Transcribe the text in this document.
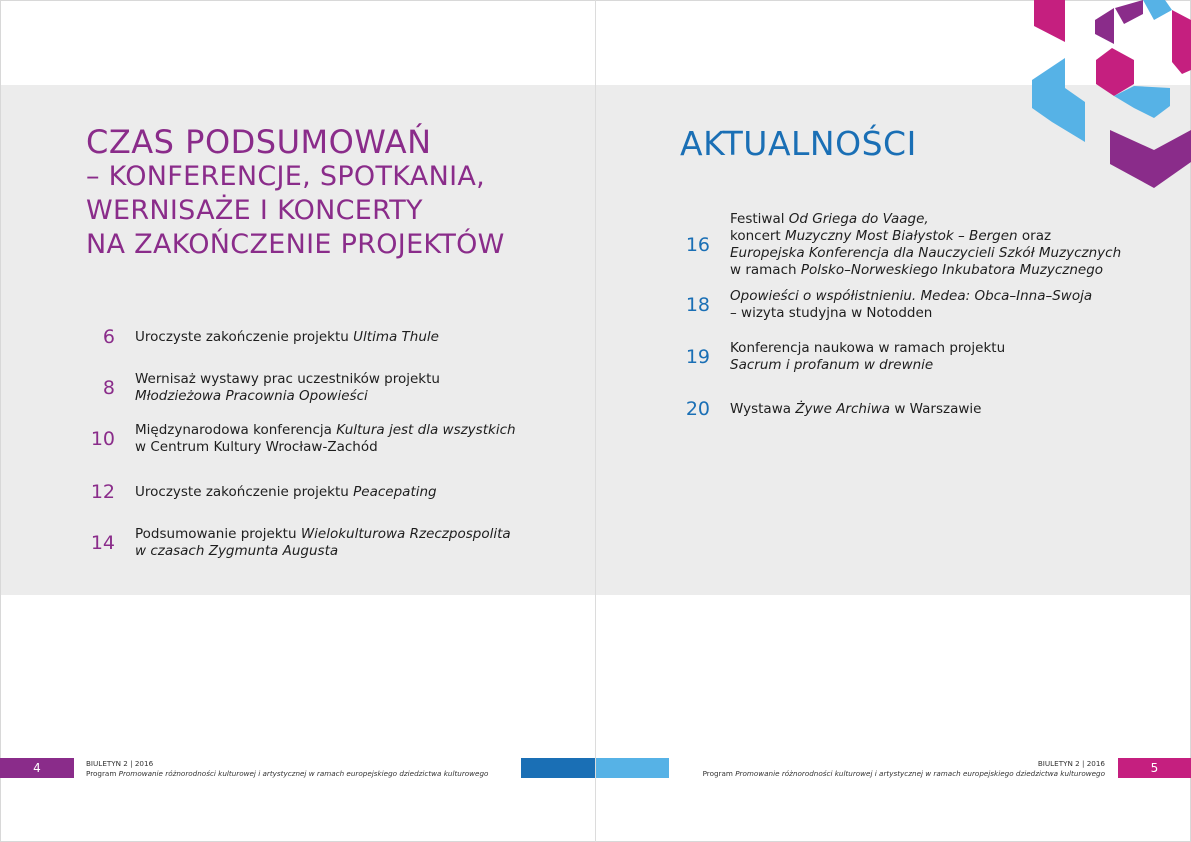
CZAS PODSUMOWAŃ
– KONFERENCJE, SPOTKANIA,
WERNISAŻE I KONCERTY
NA ZAKOŃCZENIE PROJEKTÓW
AKTUALNOŚCI
6 Uroczyste zakończenie projektu Ultima Thule
8 Wernisaż wystawy prac uczestników projektu
Młodzieżowa Pracownia Opowieści
10 Międzynarodowa konferencja Kultura jest dla wszystkich
w Centrum Kultury Wrocław-Zachód
12 Uroczyste zakończenie projektu Peacepating
14 Podsumowanie projektu Wielokulturowa Rzeczpospolita
w czasach Zygmunta Augusta
16
Festiwal Od Griega do Vaage,
koncert Muzyczny Most Białystok – Bergen oraz
Europejska Konferencja dla Nauczycieli Szkół Muzycznych
w ramach Polsko–Norweskiego Inkubatora Muzycznego
18 Opowieści o współistnieniu. Medea: Obca–Inna–Swoja
– wizyta studyjna w Notodden
19 Konferencja naukowa w ramach projektu
Sacrum i profanum w drewnie
20 Wystawa Żywe Archiwa w Warszawie
4	BIULETYN 2 | 2016
Program Promowanie różnorodności kulturowej i artystycznej w ramach europejskiego dziedzictwa kulturowego
BIULETYN 2 | 2016
Program Promowanie różnorodności kulturowej i artystycznej w ramach europejskiego dziedzictwa kulturowego	5
